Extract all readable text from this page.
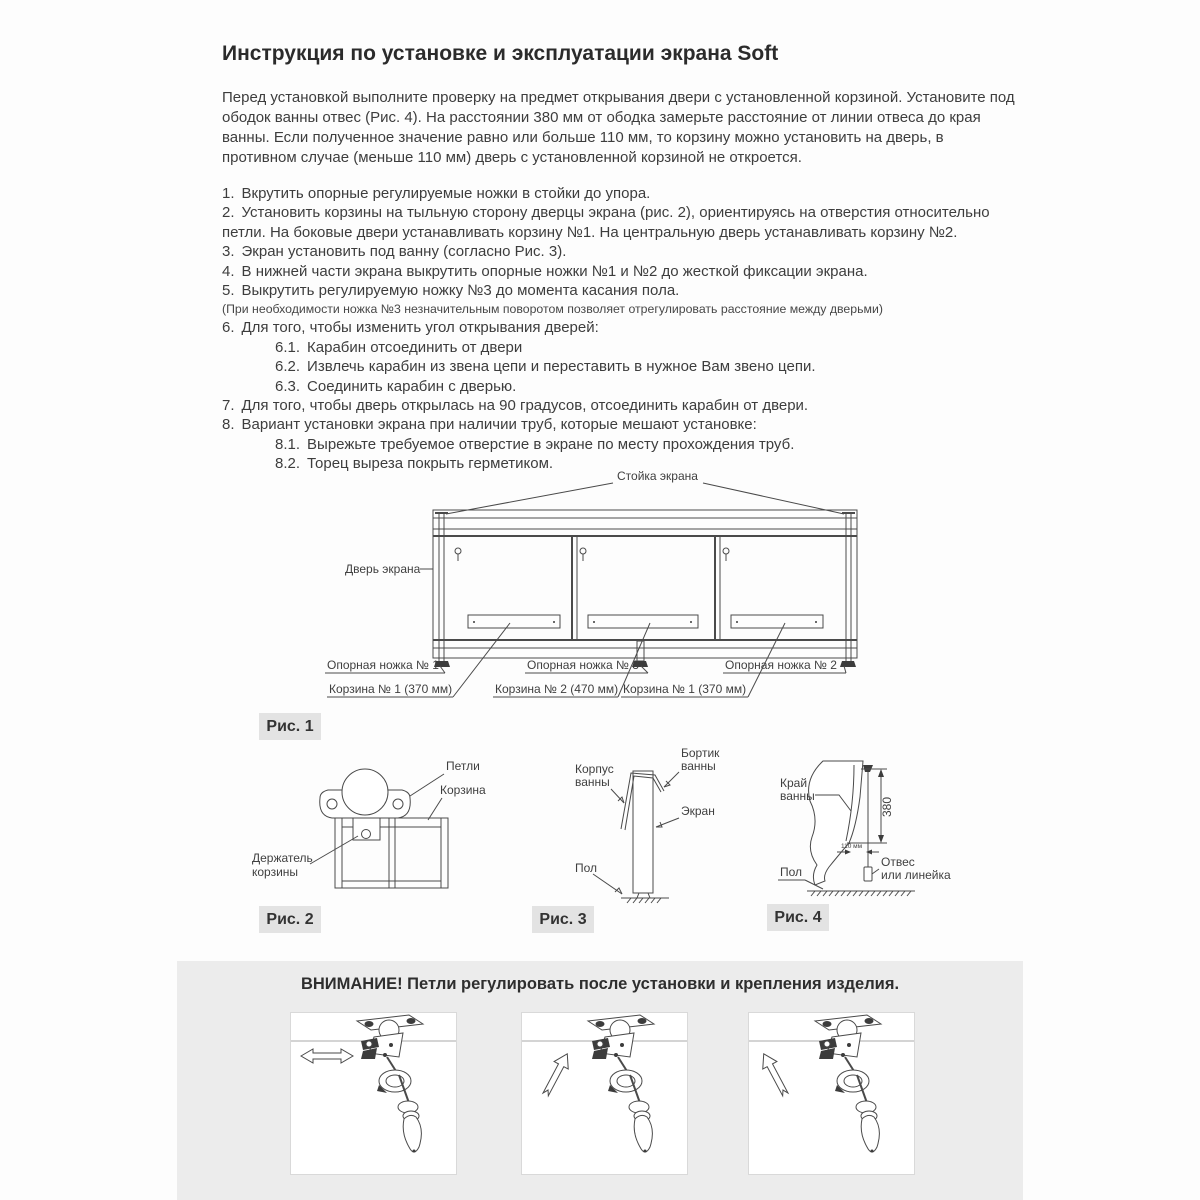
Инструкция по установке и эксплуатации экрана Soft
Перед установкой выполните проверку на предмет открывания двери с установленной корзиной. Установите под ободок ванны отвес (Рис. 4). На расстоянии 380 мм от ободка замерьте расстояние от линии отвеса до края ванны. Если полученное значение равно или больше 110 мм, то корзину можно установить на дверь, в противном случае (меньше 110 мм) дверь с установленной корзиной не откроется.
1. Вкрутить опорные регулируемые ножки в стойки до упора.
2. Установить корзины на тыльную сторону дверцы экрана (рис. 2), ориентируясь на отверстия относительно петли. На боковые двери устанавливать корзину №1. На центральную дверь устанавливать корзину №2.
3. Экран установить под ванну (согласно Рис. 3).
4. В нижней части экрана выкрутить опорные ножки №1 и №2 до жесткой фиксации экрана.
5. Выкрутить регулируемую ножку №3 до момента касания пола.
(При необходимости ножка №3 незначительным поворотом позволяет отрегулировать расстояние между дверьми)
6. Для того, чтобы изменить угол открывания дверей:
6.1. Карабин отсоединить от двери
6.2. Извлечь карабин из звена цепи и переставить в нужное Вам звено цепи.
6.3. Соединить карабин с дверью.
7. Для того, чтобы дверь открылась на 90 градусов, отсоединить карабин от двери.
8. Вариант установки экрана при наличии труб, которые мешают установке:
8.1. Вырежьте требуемое отверстие в экране по месту прохождения труб.
8.2. Торец выреза покрыть герметиком.
Стойка экрана
Дверь экрана
Опорная ножка № 1	Опорная ножка № 3	Опорная ножка № 2
Корзина № 1 (370 мм)	Корзина № 2 (470 мм) Корзина № 1 (370 мм)
Рис. 1
Петли
Корзина
Держатель
корзины
Рис. 2
Бортик
ванны
Корпус
ванны
Экран
Пол
Рис. 3
380
110 мм
Край
ванны
Отвес
или линейка
Пол
Рис. 4
ВНИМАНИЕ! Петли регулировать после установки и крепления изделия.
